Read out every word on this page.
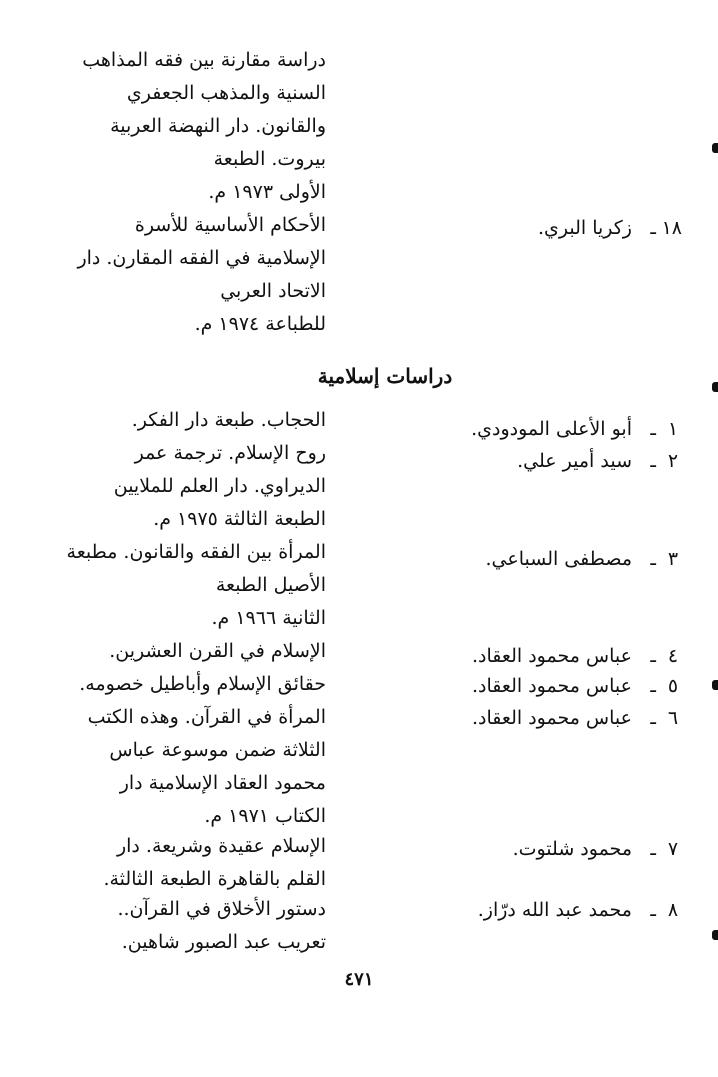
دراسة مقارنة بين فقه المذاهب
السنية والمذهب الجعفري
والقانون. دار النهضة العربية
بيروت. الطبعة
الأولى ١٩٧٣ م.
الأحكام الأساسية للأسرة
الإسلامية في الفقه المقارن. دار
الاتحاد العربي
للطباعة ١٩٧٤ م.
١٨
ـ
زكريا البري.
دراسات إسلامية
١
ـ
أبو الأعلى المودودي.
الحجاب. طبعة دار الفكر.
٢
ـ
سيد أمير علي.
روح الإسلام. ترجمة عمر
الديراوي. دار العلم للملايين
الطبعة الثالثة ١٩٧٥ م.
٣
ـ
مصطفى السباعي.
المرأة بين الفقه والقانون. مطبعة
الأصيل الطبعة
الثانية ١٩٦٦ م.
٤
ـ
عباس محمود العقاد.
الإسلام في القرن العشرين.
٥
ـ
عباس محمود العقاد.
حقائق الإسلام وأباطيل خصومه.
٦
ـ
عباس محمود العقاد.
المرأة في القرآن. وهذه الكتب
الثلاثة ضمن موسوعة عباس
محمود العقاد الإسلامية دار
الكتاب ١٩٧١ م.
٧
ـ
محمود شلتوت.
الإسلام عقيدة وشريعة. دار
القلم بالقاهرة الطبعة الثالثة.
٨
ـ
محمد عبد الله درّاز.
دستور الأخلاق في القرآن..
تعريب عبد الصبور شاهين.
٤٧١
